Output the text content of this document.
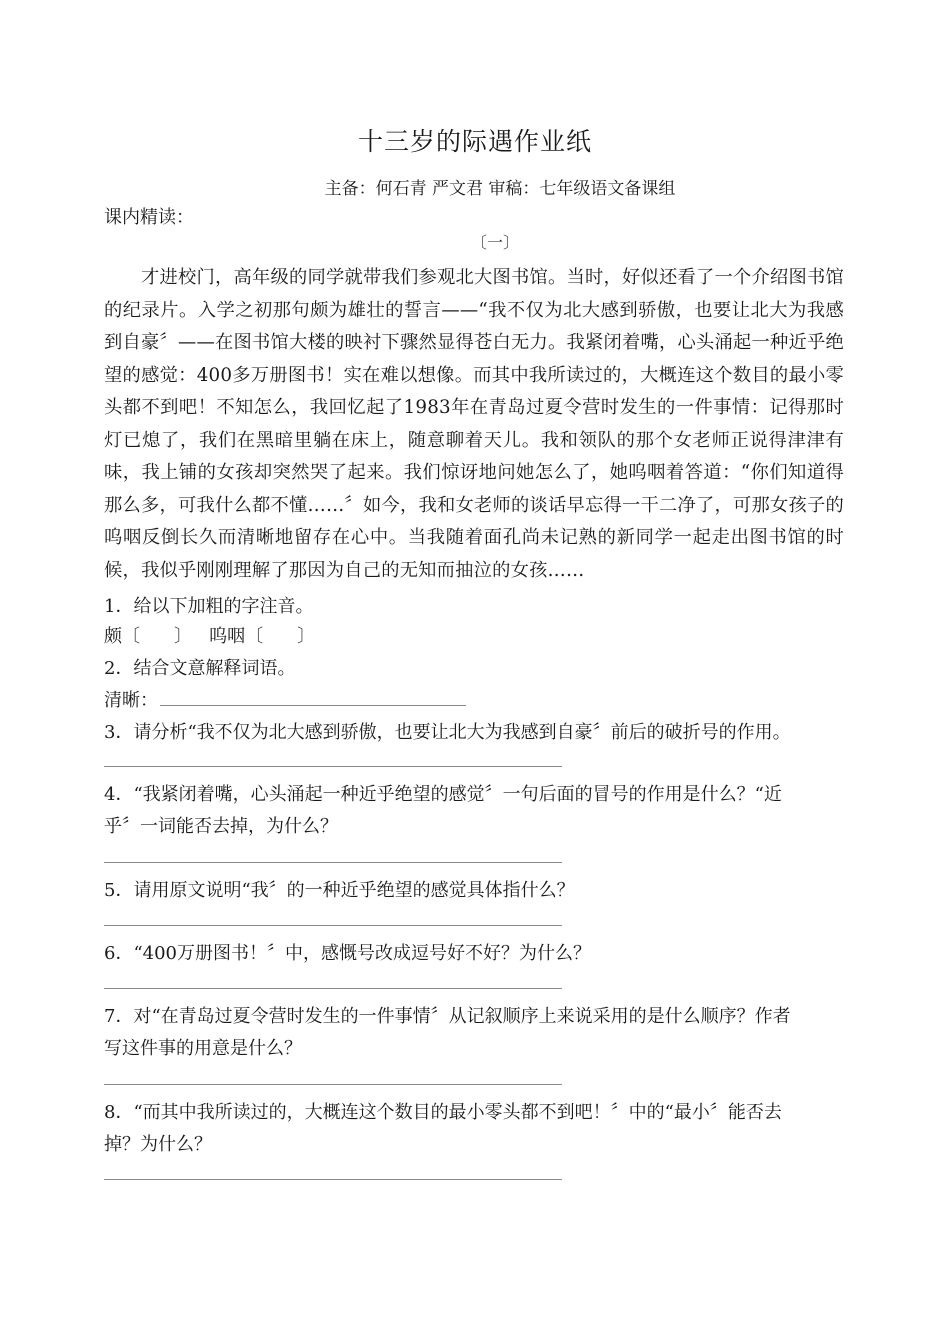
十三岁的际遇作业纸
主备：何石青 严文君 审稿：七年级语文备课组
课内精读：
〔一〕
才进校门，高年级的同学就带我们参观北大图书馆。当时，好似还看了一个介绍图书馆的纪录片。入学之初那句颇为雄壮的誓言——“我不仅为北大感到骄傲，也要让北大为我感到自豪〞——在图书馆大楼的映衬下骤然显得苍白无力。我紧闭着嘴，心头涌起一种近乎绝望的感觉：400多万册图书！实在难以想像。而其中我所读过的，大概连这个数目的最小零头都不到吧！不知怎么，我回忆起了1983年在青岛过夏令营时发生的一件事情：记得那时灯已熄了，我们在黑暗里躺在床上，随意聊着天儿。我和领队的那个女老师正说得津津有味，我上铺的女孩却突然哭了起来。我们惊讶地问她怎么了，她呜咽着答道：“你们知道得那么多，可我什么都不懂……〞如今，我和女老师的谈话早忘得一干二净了，可那女孩子的呜咽反倒长久而清晰地留存在心中。当我随着面孔尚未记熟的新同学一起走出图书馆的时候，我似乎刚刚理解了那因为自己的无知而抽泣的女孩……
1．给以下加粗的字注音。
颇〔 〕 呜咽〔 〕
2．结合文意解释词语。
清晰：
3．请分析“我不仅为北大感到骄傲，也要让北大为我感到自豪〞前后的破折号的作用。
4．“我紧闭着嘴，心头涌起一种近乎绝望的感觉〞一句后面的冒号的作用是什么？“近
乎〞一词能否去掉，为什么？
5．请用原文说明“我〞的一种近乎绝望的感觉具体指什么？
6．“400万册图书！〞中，感慨号改成逗号好不好？为什么？
7．对“在青岛过夏令营时发生的一件事情〞从记叙顺序上来说采用的是什么顺序？作者
写这件事的用意是什么？
8．“而其中我所读过的，大概连这个数目的最小零头都不到吧！〞中的“最小〞能否去
掉？为什么？
